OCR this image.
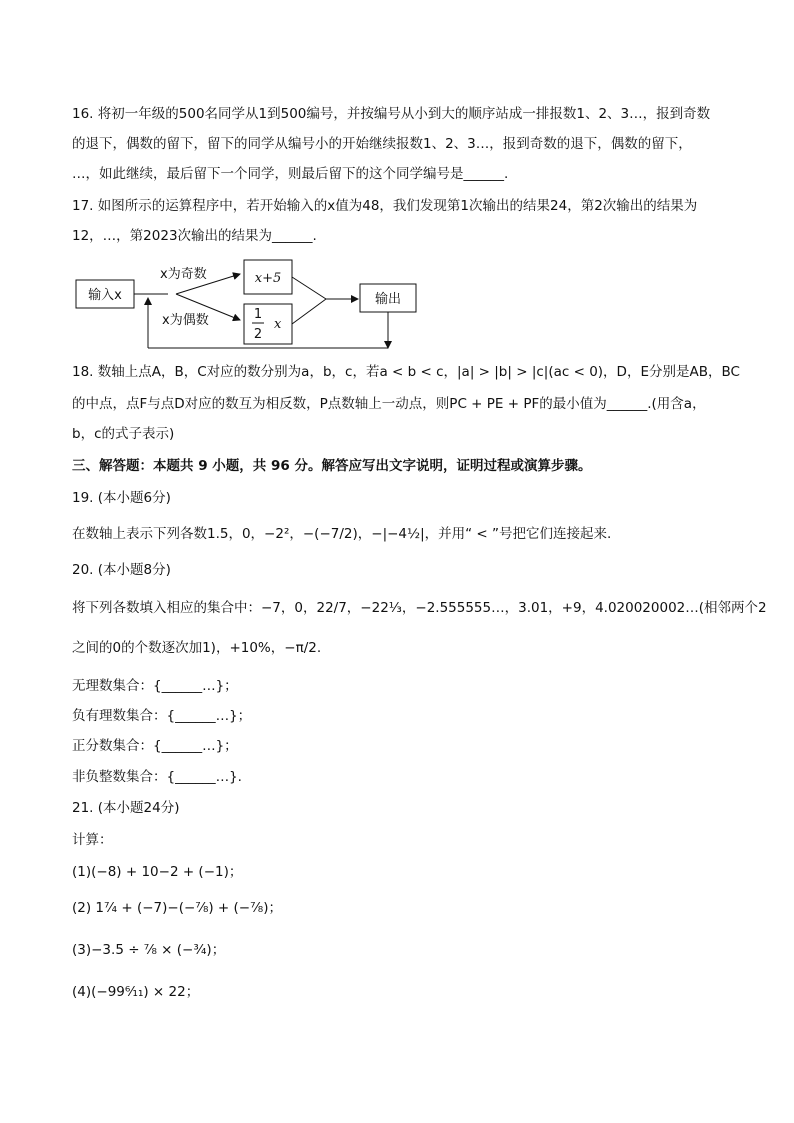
16. 将初一年级的500名同学从1到500编号，并按编号从小到大的顺序站成一排报数1、2、3…，报到奇数
的退下，偶数的留下，留下的同学从编号小的开始继续报数1、2、3…，报到奇数的退下，偶数的留下，
…，如此继续，最后留下一个同学，则最后留下的这个同学编号是______.
17. 如图所示的运算程序中，若开始输入的x值为48，我们发现第1次输出的结果24，第2次输出的结果为
12，…，第2023次输出的结果为______.
输入x
x为奇数
x为偶数
x+5
1
2
x
输出
18. 数轴上点A，B，C对应的数分别为a，b，c，若a < b < c，|a| > |b| > |c|(ac < 0)，D，E分别是AB，BC
的中点，点F与点D对应的数互为相反数，P点数轴上一动点，则PC + PE + PF的最小值为______.(用含a，
b，c的式子表示)
三、解答题：本题共 9 小题，共 96 分。解答应写出文字说明，证明过程或演算步骤。
19. (本小题6分)
在数轴上表示下列各数1.5，0，−2²，−(−7/2)，−|−4½|，并用“ < ”号把它们连接起来.
20. (本小题8分)
将下列各数填入相应的集合中：−7，0，22/7，−22⅓，−2.555555…，3.01，+9，4.020020002…(相邻两个2
之间的0的个数逐次加1)，+10%，−π/2.
无理数集合：{______…}；
负有理数集合：{______…}；
正分数集合：{______…}；
非负整数集合：{______…}.
21. (本小题24分)
计算：
(1)(−8) + 10−2 + (−1)；
(2) 1⁷⁄₄ + (−7)−(−⁷⁄₈) + (−⁷⁄₈)；
(3)−3.5 ÷ ⁷⁄₈ × (−³⁄₄)；
(4)(−99⁶⁄₁₁) × 22；
